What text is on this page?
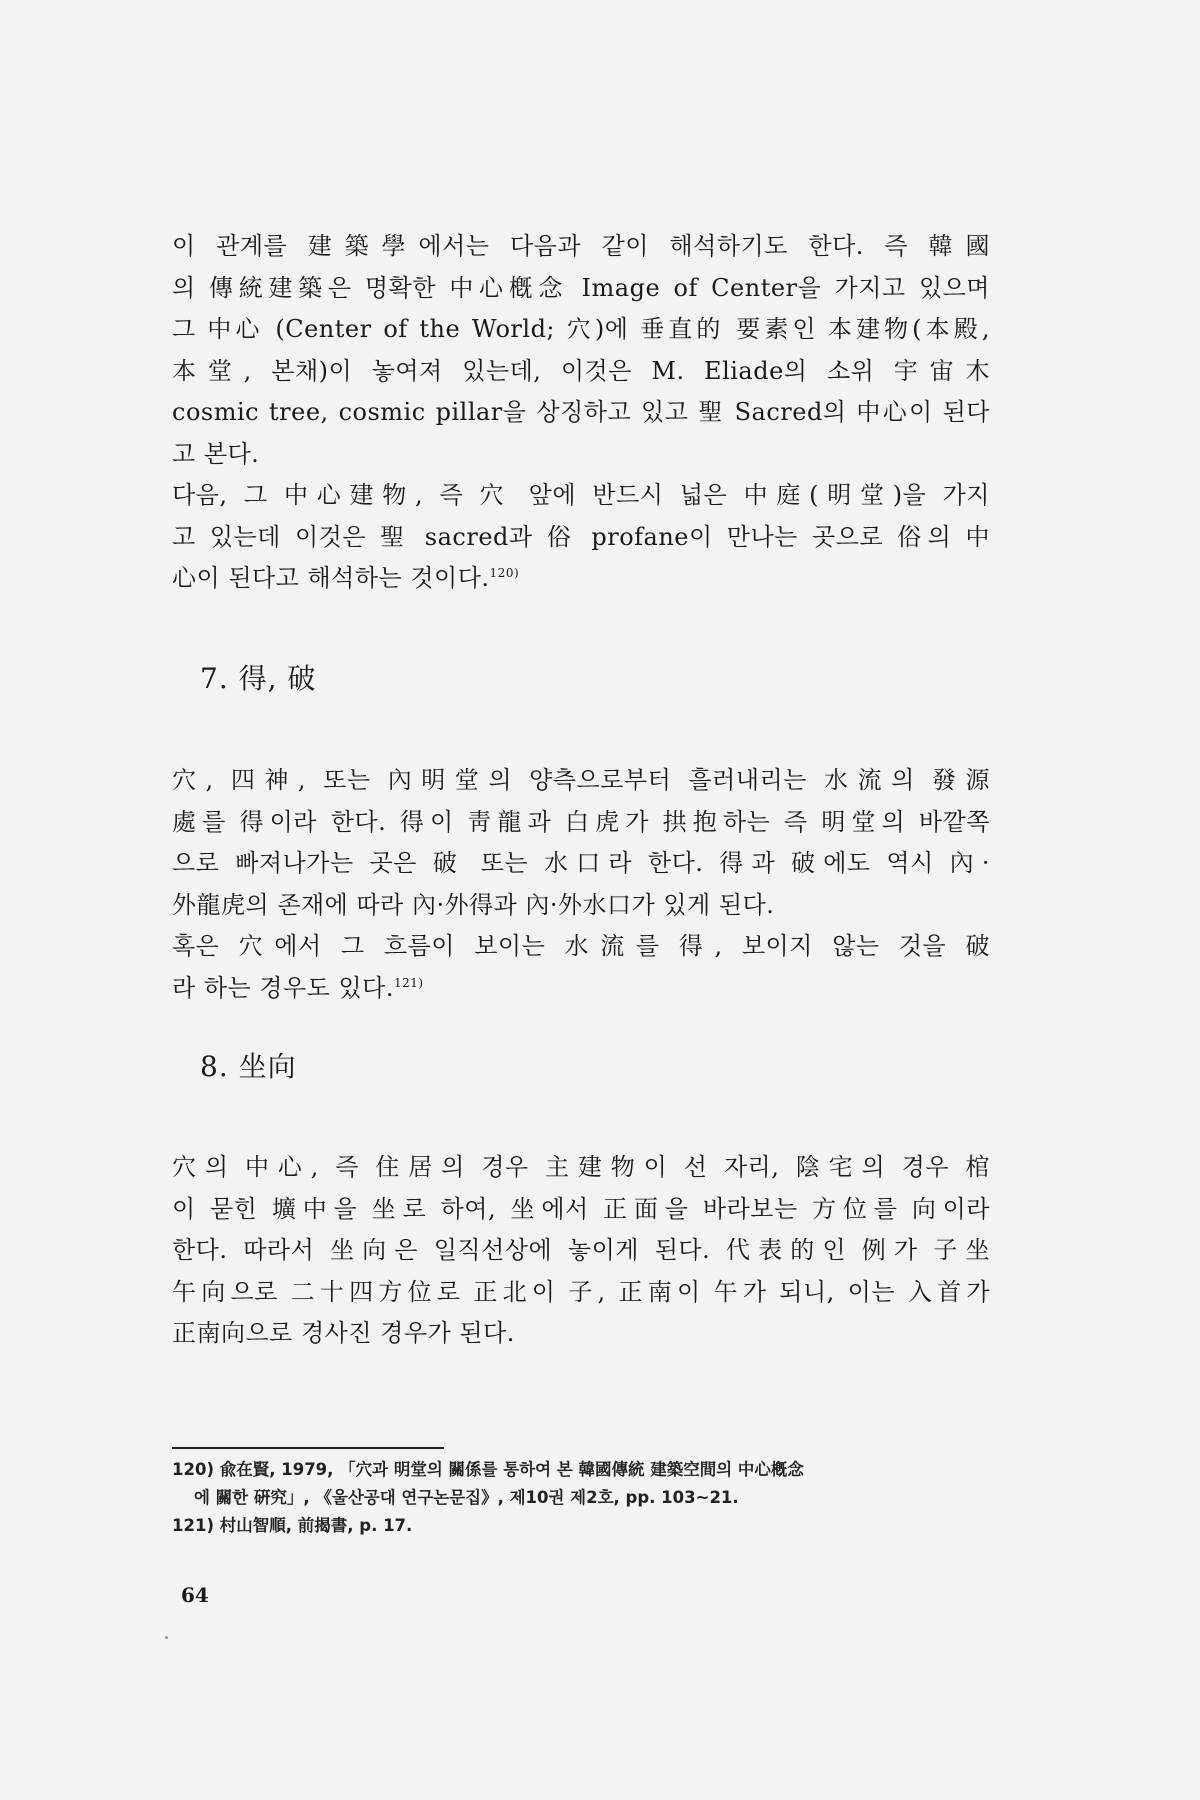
이 관계를 建築學에서는 다음과 같이 해석하기도 한다. 즉 韓國
의 傳統建築은 명확한 中心槪念 Image of Center을 가지고 있으며
그 中心 (Center of the World; 穴)에 垂直的 要素인 本建物(本殿,
本堂, 본채)이 놓여져 있는데, 이것은 M. Eliade의 소위 宇宙木
cosmic tree, cosmic pillar을 상징하고 있고 聖 Sacred의 中心이 된다
고 본다.
다음, 그 中心建物, 즉 穴 앞에 반드시 넓은 中庭(明堂)을 가지
고 있는데 이것은 聖 sacred과 俗 profane이 만나는 곳으로 俗의 中
心이 된다고 해석하는 것이다.$^{120)}$
7. 得, 破
穴, 四神, 또는 內明堂의 양측으로부터 흘러내리는 水流의 發源
處를 得이라 한다. 得이 靑龍과 白虎가 拱抱하는 즉 明堂의 바깥쪽
으로 빠져나가는 곳은 破 또는 水口라 한다. 得과 破에도 역시 內·
外龍虎의 존재에 따라 內·外得과 內·外水口가 있게 된다.
혹은 穴에서 그 흐름이 보이는 水流를 得, 보이지 않는 것을 破
라 하는 경우도 있다.$^{121)}$
8. 坐向
穴의 中心, 즉 住居의 경우 主建物이 선 자리, 陰宅의 경우 棺
이 묻힌 壙中을 坐로 하여, 坐에서 正面을 바라보는 方位를 向이라
한다. 따라서 坐向은 일직선상에 놓이게 된다. 代表的인 例가 子坐
午向으로 二十四方位로 正北이 子, 正南이 午가 되니, 이는 入首가
正南向으로 경사진 경우가 된다.
120) 兪在賢, 1979, 「穴과 明堂의 關係를 통하여 본 韓國傳統 建築空間의 中心槪念
에 關한 硏究」, 《울산공대 연구논문집》, 제10권 제2호, pp. 103~21.
121) 村山智順, 前揭書, p. 17.
64
